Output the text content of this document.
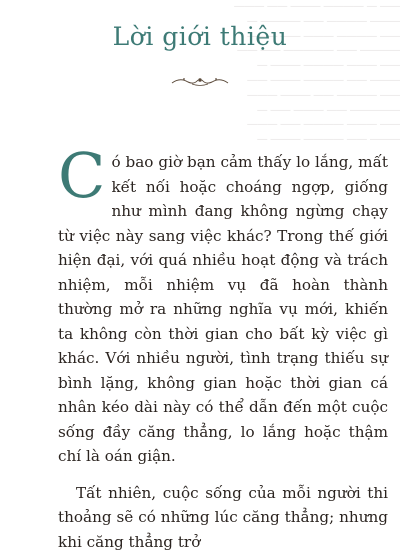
―― ― ―――― ――― ―― ―――
――― ―――― ―― ―――― ―
―― ―――― ――― ―― ―――
―――― ―― ――――― ―― ――
―― ――― ―――― ――― ―
――― ―― ―――― ――― ――
―― ―――― ―― ――― ―――
――――― ―― ――― ―― ―
―― ――― ―――― ―― ―――
――― ―― ―――― ――― ―
Lời giới thiệu

Có bao giờ bạn cảm thấy lo lắng, mất kết nối hoặc choáng ngợp, giống như mình đang không ngừng chạy từ việc này sang việc khác? Trong thế giới hiện đại, với quá nhiều hoạt động và trách nhiệm, mỗi nhiệm vụ đã hoàn thành thường mở ra những nghĩa vụ mới, khiến ta không còn thời gian cho bất kỳ việc gì khác. Với nhiều người, tình trạng thiếu sự bình lặng, không gian hoặc thời gian cá nhân kéo dài này có thể dẫn đến một cuộc sống đầy căng thẳng, lo lắng hoặc thậm chí là oán giận.

Tất nhiên, cuộc sống của mỗi người thi thoảng sẽ có những lúc căng thẳng; nhưng khi căng thẳng trở
